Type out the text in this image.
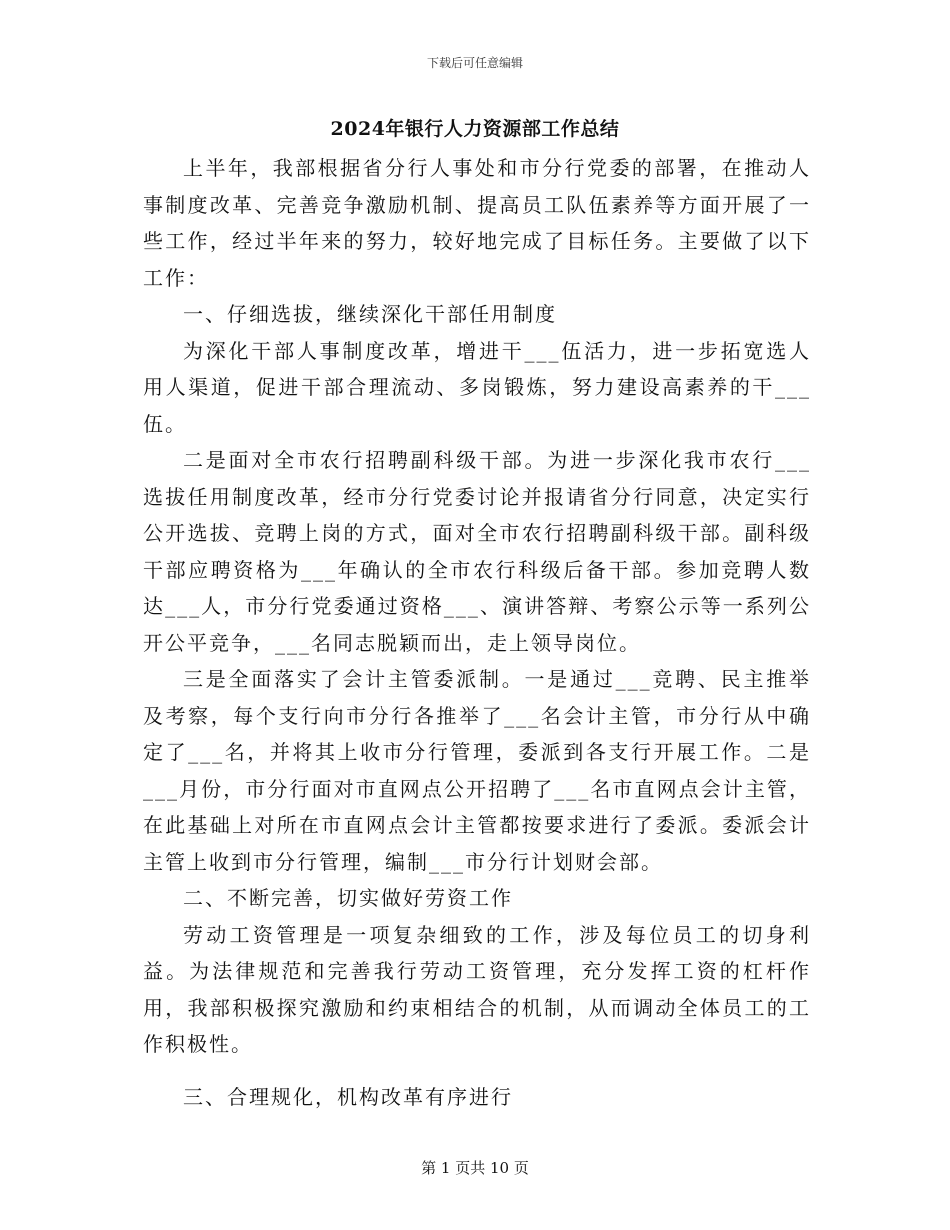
下载后可任意编辑
2024年银行人力资源部工作总结

上半年，我部根据省分行人事处和市分行党委的部署，在推动人事制度改革、完善竞争激励机制、提高员工队伍素养等方面开展了一些工作，经过半年来的努力，较好地完成了目标任务。主要做了以下工作：

一、仔细选拔，继续深化干部任用制度

为深化干部人事制度改革，增进干___伍活力，进一步拓宽选人用人渠道，促进干部合理流动、多岗锻炼，努力建设高素养的干___伍。

二是面对全市农行招聘副科级干部。为进一步深化我市农行___选拔任用制度改革，经市分行党委讨论并报请省分行同意，决定实行公开选拔、竞聘上岗的方式，面对全市农行招聘副科级干部。副科级干部应聘资格为___年确认的全市农行科级后备干部。参加竞聘人数达___人，市分行党委通过资格___、演讲答辩、考察公示等一系列公开公平竞争，___名同志脱颖而出，走上领导岗位。

三是全面落实了会计主管委派制。一是通过___竞聘、民主推举及考察，每个支行向市分行各推举了___名会计主管，市分行从中确定了___名，并将其上收市分行管理，委派到各支行开展工作。二是___月份，市分行面对市直网点公开招聘了___名市直网点会计主管，在此基础上对所在市直网点会计主管都按要求进行了委派。委派会计主管上收到市分行管理，编制___市分行计划财会部。

二、不断完善，切实做好劳资工作

劳动工资管理是一项复杂细致的工作，涉及每位员工的切身利益。为法律规范和完善我行劳动工资管理，充分发挥工资的杠杆作用，我部积极探究激励和约束相结合的机制，从而调动全体员工的工作积极性。

三、合理规化，机构改革有序进行

第 1 页共 10 页
